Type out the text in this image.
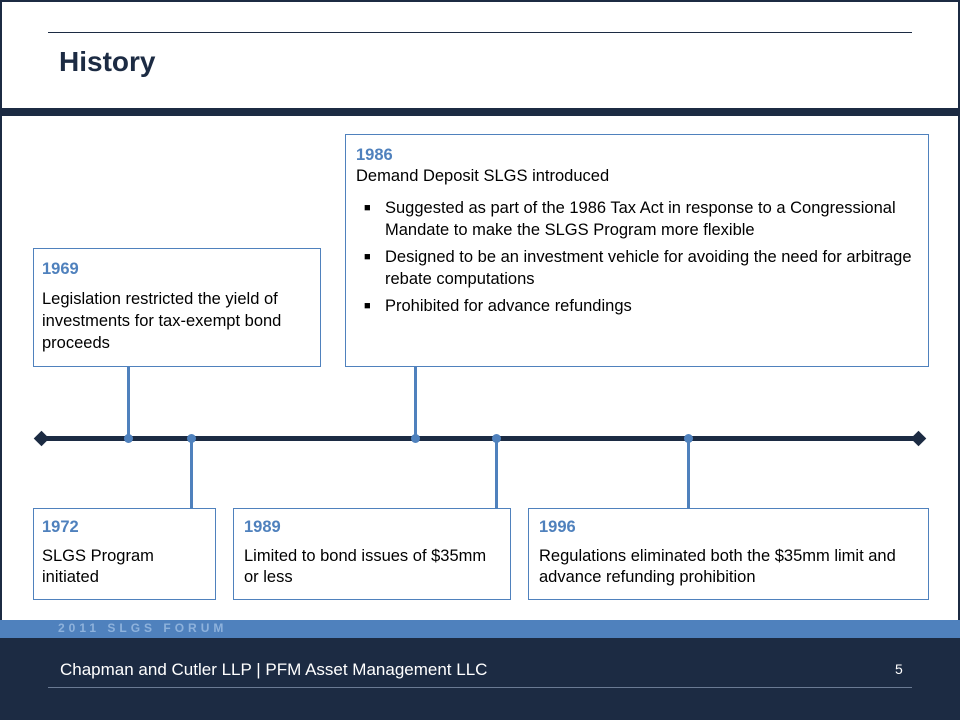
History
1969
Legislation restricted the yield of investments for tax-exempt bond proceeds
1986
Demand Deposit SLGS introduced
■ Suggested as part of the 1986 Tax Act in response to a Congressional Mandate to make the SLGS Program more flexible
■ Designed to be an investment vehicle for avoiding the need for arbitrage rebate computations
■ Prohibited for advance refundings
1972
SLGS Program initiated
1989
Limited to bond issues of $35mm or less
1996
Regulations eliminated both the $35mm limit and advance refunding prohibition
2011 SLGS FORUM
Chapman and Cutler LLP | PFM Asset Management LLC	5
